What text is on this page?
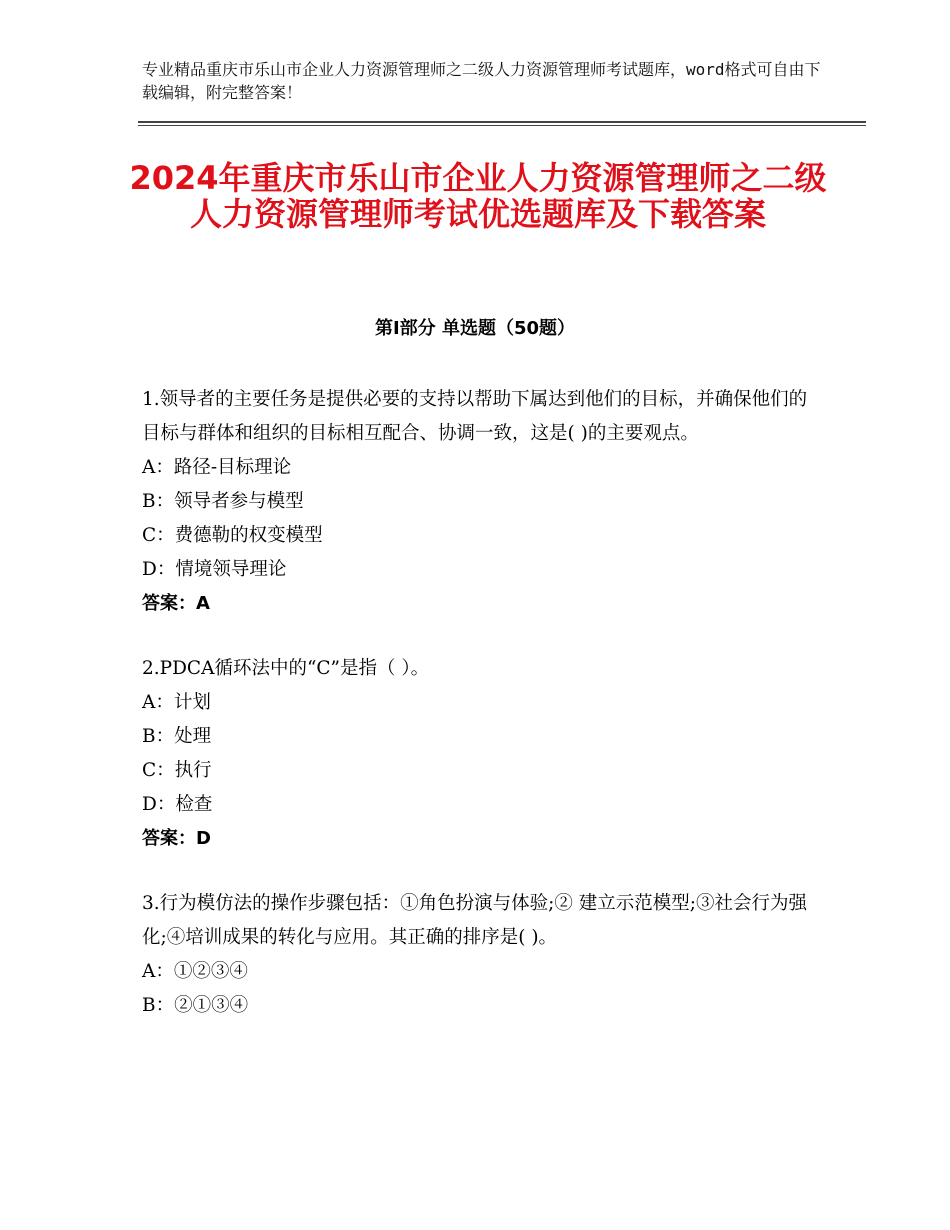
专业精品重庆市乐山市企业人力资源管理师之二级人力资源管理师考试题库，word格式可自由下载编辑，附完整答案！
2024年重庆市乐山市企业人力资源管理师之二级人力资源管理师考试优选题库及下载答案
第Ⅰ部分 单选题（50题）
1.领导者的主要任务是提供必要的支持以帮助下属达到他们的目标，并确保他们的目标与群体和组织的目标相互配合、协调一致，这是( )的主要观点。
A：路径-目标理论
B：领导者参与模型
C：费德勒的权变模型
D：情境领导理论
答案：A
2.PDCA循环法中的“C”是指（ ）。
A：计划
B：处理
C：执行
D：检查
答案：D
3.行为模仿法的操作步骤包括：①角色扮演与体验;② 建立示范模型;③社会行为强化;④培训成果的转化与应用。其正确的排序是( )。
A：①②③④
B：②①③④
